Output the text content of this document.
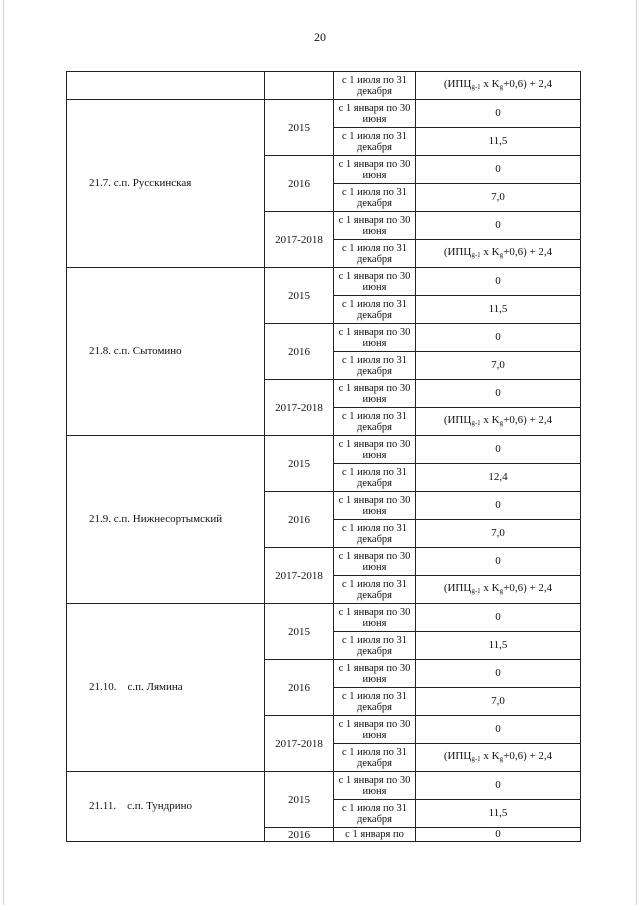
20
		с 1 июля по 31 декабря	($ИПЦ_{g-1}$ x $K_g+0,6) + 2,4$
21.7. с.п. Русскинская	2015	с 1 января по 30 июня	0
		с 1 июля по 31 декабря	11,5
	2016	с 1 января по 30 июня	0
		с 1 июля по 31 декабря	7,0
	2017-2018	с 1 января по 30 июня	0
		с 1 июля по 31 декабря	($ИПЦ_{g-1}$ x $K_g+0,6) + 2,4$
21.8. с.п. Сытомино	2015	с 1 января по 30 июня	0
		с 1 июля по 31 декабря	11,5
	2016	с 1 января по 30 июня	0
		с 1 июля по 31 декабря	7,0
	2017-2018	с 1 января по 30 июня	0
		с 1 июля по 31 декабря	($ИПЦ_{g-1}$ x $K_g+0,6) + 2,4$
21.9. с.п. Нижнесортымский	2015	с 1 января по 30 июня	0
		с 1 июля по 31 декабря	12,4
	2016	с 1 января по 30 июня	0
		с 1 июля по 31 декабря	7,0
	2017-2018	с 1 января по 30 июня	0
		с 1 июля по 31 декабря	($ИПЦ_{g-1}$ x $K_g+0,6) + 2,4$
21.10.    с.п. Лямина	2015	с 1 января по 30 июня	0
		с 1 июля по 31 декабря	11,5
	2016	с 1 января по 30 июня	0
		с 1 июля по 31 декабря	7,0
	2017-2018	с 1 января по 30 июня	0
		с 1 июля по 31 декабря	($ИПЦ_{g-1}$ x $K_g+0,6) + 2,4$
21.11.    с.п. Тундрино	2015	с 1 января по 30 июня	0
		с 1 июля по 31 декабря	11,5
	2016	с 1 января по	0
